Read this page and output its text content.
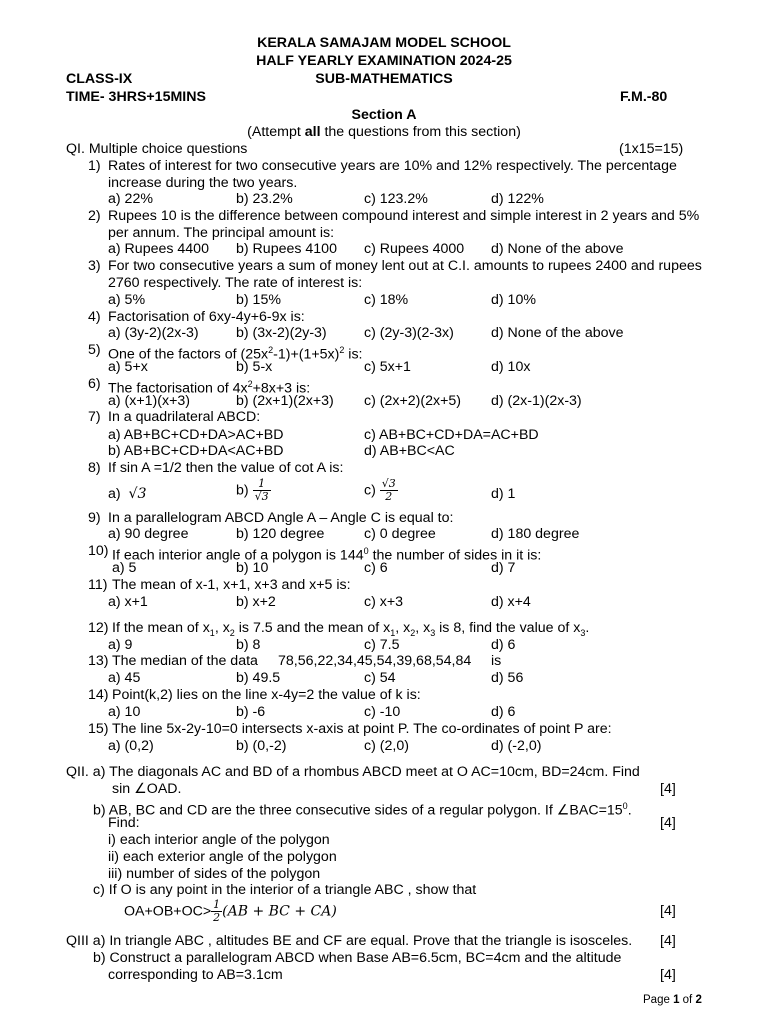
KERALA SAMAJAM MODEL SCHOOL
HALF YEARLY EXAMINATION 2024-25
CLASS-IX	SUB-MATHEMATICS
TIME- 3HRS+15MINS	F.M.-80
Section A
(Attempt all the questions from this section)
QI. Multiple choice questions	(1x15=15)
1) Rates of interest for two consecutive years are 10% and 12% respectively. The percentage
increase during the two years.
a) 22%	b) 23.2%	c) 123.2%	d) 122%
2) Rupees 10 is the difference between compound interest and simple interest in 2 years and 5%
per annum. The principal amount is:
a) Rupees 4400 b) Rupees 4100 c) Rupees 4000 d) None of the above
3) For two consecutive years a sum of money lent out at C.I. amounts to rupees 2400 and rupees
2760 respectively. The rate of interest is:
a) 5%	b) 15%	c) 18%	d) 10%
4) Factorisation of 6xy-4y+6-9x is:
a) (3y-2)(2x-3)	b) (3x-2)(2y-3)	c) (2y-3)(2-3x)	d) None of the above
5) One of the factors of $(25x^2-1)+(1+5x)^2$ is:
a) 5+x	b) 5-x	c) 5x+1	d) 10x
6) The factorisation of $4x^2+8x+3$ is:
a) (x+1)(x+3)	b) (2x+1)(2x+3) c) (2x+2)(2x+5) d) (2x-1)(2x-3)
7) In a quadrilateral ABCD:
a) AB+BC+CD+DA>AC+BD	c) AB+BC+CD+DA=AC+BD
b) AB+BC+CD+DA<AC+BD	d) AB+BC<AC
8) If sin A =1/2 then the value of cot A is:
a) √3	$b) \frac{1}{√3}$	$c) \frac{√3}{2}$	d) 1
9) In a parallelogram ABCD Angle A – Angle C is equal to:
a) 90 degree	b) 120 degree	c) 0 degree	d) 180 degree
10) If each interior angle of a polygon is $144^0$ the number of sides in it is:
a) 5	b) 10	c) 6	d) 7
11) The mean of x-1, x+1, x+3 and x+5 is:
a) x+1	b) x+2	c) x+3	d) x+4
12) If the mean of $x_1$, $x_2$ is 7.5 and the mean of $x_1$, $x_2$, $x_3$ is 8, find the value of $x_3$.
a) 9	b) 8	c) 7.5	d) 6
13) The median of the data 78,56,22,34,45,54,39,68,54,84 is
a) 45	b) 49.5	c) 54	d) 56
14) Point(k,2) lies on the line x-4y=2 the value of k is:
a) 10	b) -6	c) -10	d) 6
15) The line 5x-2y-10=0 intersects x-axis at point P. The co-ordinates of point P are:
a) (0,2)	b) (0,-2)	c) (2,0)	d) (-2,0)
QII. a) The diagonals AC and BD of a rhombus ABCD meet at O AC=10cm, BD=24cm. Find
sin ∠OAD.	[4]
b) AB, BC and CD are the three consecutive sides of a regular polygon. If $\angle BAC=15^0$.
Find:	[4]
i) each interior angle of the polygon
ii) each exterior angle of the polygon
iii) number of sides of the polygon
c) If O is any point in the interior of a triangle ABC , show that
$OA+OB+OC> \frac{1}{2} (AB$ + BC + CA)	[4]
QIII a) In triangle ABC , altitudes BE and CF are equal. Prove that the triangle is isosceles. [4]
b) Construct a parallelogram ABCD when Base AB=6.5cm, BC=4cm and the altitude
corresponding to AB=3.1cm	[4]
Page 1 of 2
